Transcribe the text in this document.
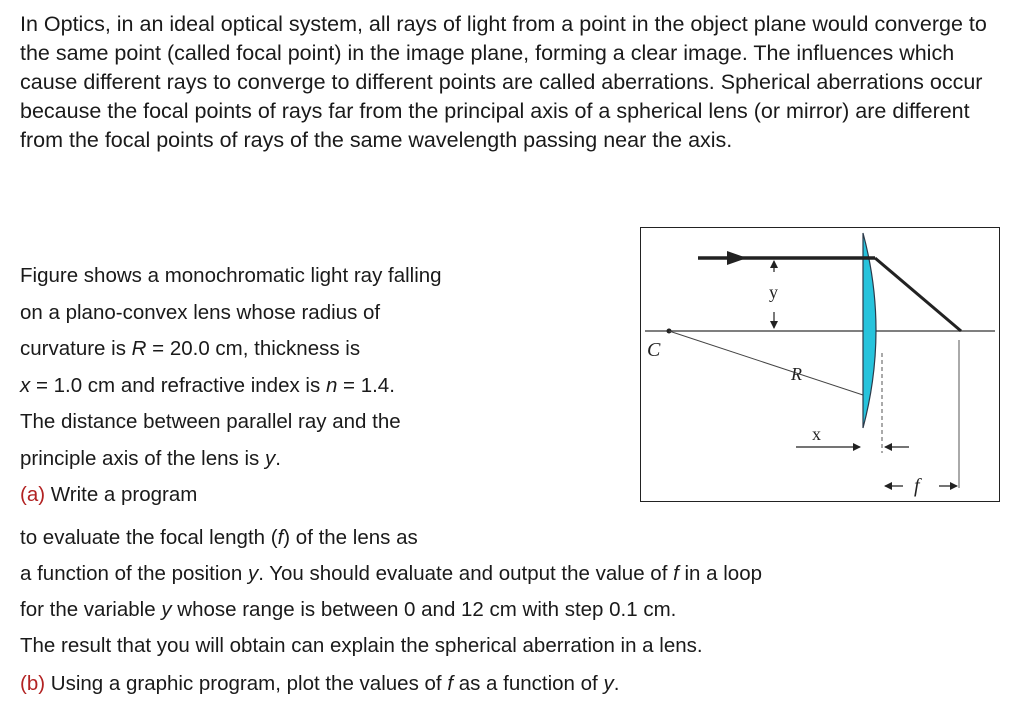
In Optics, in an ideal optical system, all rays of light from a point in the object plane would converge to the same point (called focal point) in the image plane, forming a clear image. The influences which cause different rays to converge to different points are called aberrations. Spherical aberrations occur because the focal points of rays far from the principal axis of a spherical lens (or mirror) are different from the focal points of rays of the same wavelength passing near the axis.

Figure shows a monochromatic light ray falling

on a plano-convex lens whose radius of

curvature is R = 20.0 cm, thickness is

x = 1.0 cm and refractive index is n = 1.4.

The distance between parallel ray and the

principle axis of the lens is y.

(a) Write a program

to evaluate the focal length (f) of the lens as

a function of the position y. You should evaluate and output the value of f in a loop

for the variable y whose range is between 0 and 12 cm with step 0.1 cm.

The result that you will obtain can explain the spherical aberration in a lens.

(b) Using a graphic program, plot the values of f as a function of y.

y
C
R
x
f
